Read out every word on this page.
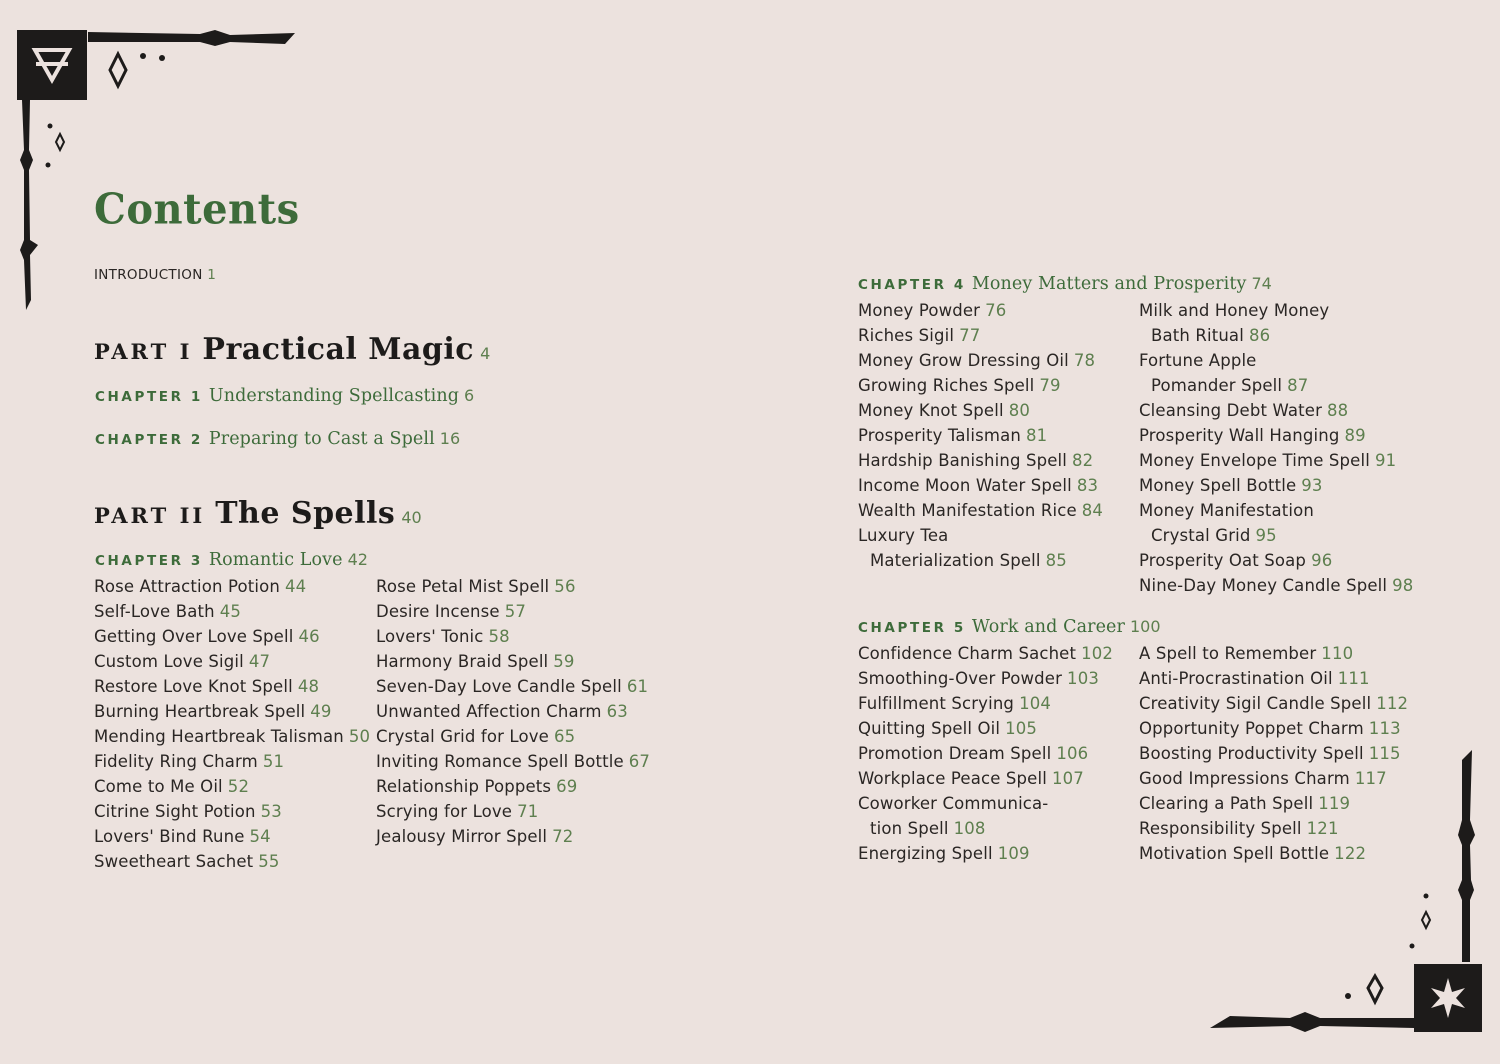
Contents
INTRODUCTION 1
PART I Practical Magic 4
CHAPTER 1 Understanding Spellcasting 6
CHAPTER 2 Preparing to Cast a Spell 16
PART II The Spells 40
CHAPTER 3 Romantic Love 42
Rose Attraction Potion 44
Self-Love Bath 45
Getting Over Love Spell 46
Custom Love Sigil 47
Restore Love Knot Spell 48
Burning Heartbreak Spell 49
Mending Heartbreak Talisman 50
Fidelity Ring Charm 51
Come to Me Oil 52
Citrine Sight Potion 53
Lovers' Bind Rune 54
Sweetheart Sachet 55
Rose Petal Mist Spell 56
Desire Incense 57
Lovers' Tonic 58
Harmony Braid Spell 59
Seven-Day Love Candle Spell 61
Unwanted Affection Charm 63
Crystal Grid for Love 65
Inviting Romance Spell Bottle 67
Relationship Poppets 69
Scrying for Love 71
Jealousy Mirror Spell 72
CHAPTER 4 Money Matters and Prosperity 74
Money Powder 76
Riches Sigil 77
Money Grow Dressing Oil 78
Growing Riches Spell 79
Money Knot Spell 80
Prosperity Talisman 81
Hardship Banishing Spell 82
Income Moon Water Spell 83
Wealth Manifestation Rice 84
Luxury Tea
Materialization Spell 85
Milk and Honey Money
Bath Ritual 86
Fortune Apple
Pomander Spell 87
Cleansing Debt Water 88
Prosperity Wall Hanging 89
Money Envelope Time Spell 91
Money Spell Bottle 93
Money Manifestation
Crystal Grid 95
Prosperity Oat Soap 96
Nine-Day Money Candle Spell 98
CHAPTER 5 Work and Career 100
Confidence Charm Sachet 102
Smoothing-Over Powder 103
Fulfillment Scrying 104
Quitting Spell Oil 105
Promotion Dream Spell 106
Workplace Peace Spell 107
Coworker Communica-
tion Spell 108
Energizing Spell 109
A Spell to Remember 110
Anti-Procrastination Oil 111
Creativity Sigil Candle Spell 112
Opportunity Poppet Charm 113
Boosting Productivity Spell 115
Good Impressions Charm 117
Clearing a Path Spell 119
Responsibility Spell 121
Motivation Spell Bottle 122
